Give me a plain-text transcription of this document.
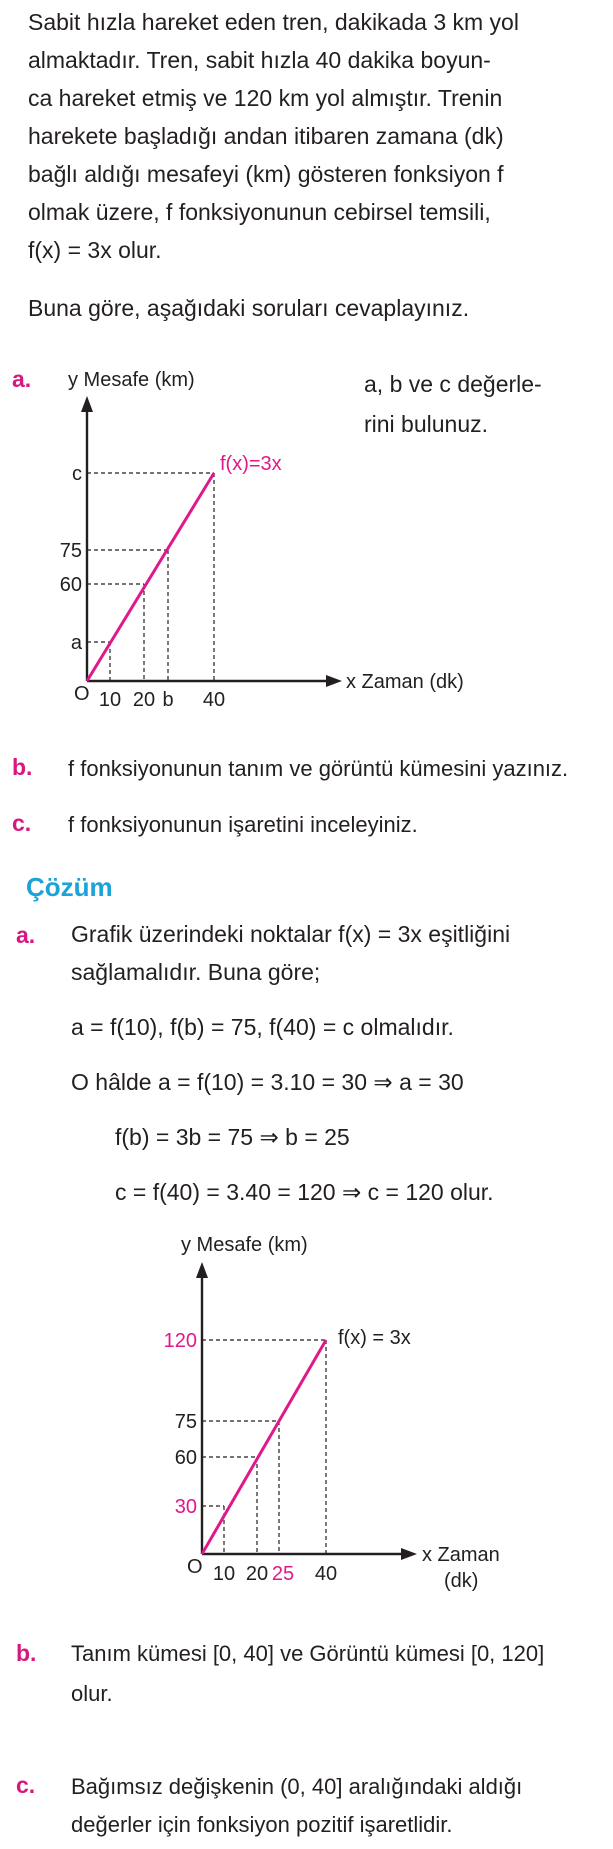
Sabit hızla hareket eden tren, dakikada 3 km yol

almaktadır. Tren, sabit hızla 40 dakika boyun-

ca hareket etmiş ve 120 km yol almıştır. Trenin

harekete başladığı andan itibaren zamana (dk)

bağlı aldığı mesafeyi (km) gösteren fonksiyon f

olmak üzere, f fonksiyonunun cebirsel temsili,

f(x) = 3x olur.

Buna göre, aşağıdaki soruları cevaplayınız.

a.	a, b ve c değerle-
rini bulunuz.
y Mesafe (km)
x Zaman (dk)
O
f(x)=3x
c
75
60
a
10 20 b 40
b. f fonksiyonunun tanım ve görüntü kümesini yazınız.
c. f fonksiyonunun işaretini inceleyiniz.
Çözüm
a. Grafik üzerindeki noktalar f(x) = 3x eşitliğini
sağlamalıdır. Buna göre;
a = f(10), f(b) = 75, f(40) = c olmalıdır.
O hâlde a = f(10) = 3.10 = 30 ⇒ a = 30
f(b) = 3b = 75 ⇒ b = 25
c = f(40) = 3.40 = 120 ⇒ c = 120 olur.
y Mesafe (km)
x Zaman
(dk)
O
f(x) = 3x
120
75
60
30
10 20 25 40
b. Tanım kümesi [0, 40] ve Görüntü kümesi [0, 120]
olur.
c. Bağımsız değişkenin (0, 40] aralığındaki aldığı
değerler için fonksiyon pozitif işaretlidir.
